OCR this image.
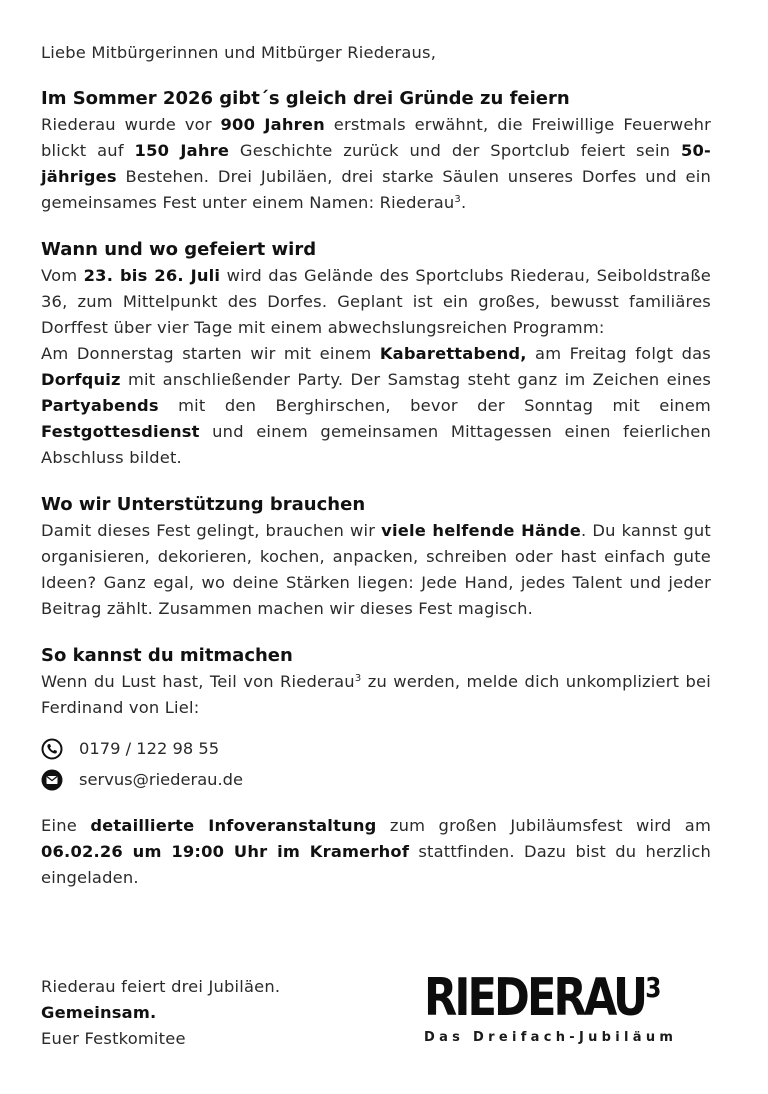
Liebe Mitbürgerinnen und Mitbürger Riederaus,

Im Sommer 2026 gibt´s gleich drei Gründe zu feiern

Riederau wurde vor 900 Jahren erstmals erwähnt, die Freiwillige Feuerwehr blickt auf 150 Jahre Geschichte zurück und der Sportclub feiert sein 50-jähriges Bestehen. Drei Jubiläen, drei starke Säulen unseres Dorfes und ein gemeinsames Fest unter einem Namen: Riederau$^3$.

Wann und wo gefeiert wird

Vom 23. bis 26. Juli wird das Gelände des Sportclubs Riederau, Seiboldstraße 36, zum Mittelpunkt des Dorfes. Geplant ist ein großes, bewusst familiäres Dorffest über vier Tage mit einem abwechslungsreichen Programm:

Am Donnerstag starten wir mit einem Kabarettabend, am Freitag folgt das Dorfquiz mit anschließender Party. Der Samstag steht ganz im Zeichen eines Partyabends mit den Berghirschen, bevor der Sonntag mit einem Festgottesdienst und einem gemeinsamen Mittagessen einen feierlichen Abschluss bildet.

Wo wir Unterstützung brauchen

Damit dieses Fest gelingt, brauchen wir viele helfende Hände. Du kannst gut organisieren, dekorieren, kochen, anpacken, schreiben oder hast einfach gute Ideen? Ganz egal, wo deine Stärken liegen: Jede Hand, jedes Talent und jeder Beitrag zählt. Zusammen machen wir dieses Fest magisch.

So kannst du mitmachen

Wenn du Lust hast, Teil von Riederau$^3$ zu werden, melde dich unkompliziert bei Ferdinand von Liel:

0179 / 122 98 55
servus@riederau.de

Eine detaillierte Infoveranstaltung zum großen Jubiläumsfest wird am 06.02.26 um 19:00 Uhr im Kramerhof stattfinden. Dazu bist du herzlich eingeladen.

Riederau feiert drei Jubiläen.

Gemeinsam.

Euer Festkomitee

RIEDERAU$^3$
Das Dreifach-Jubiläum
